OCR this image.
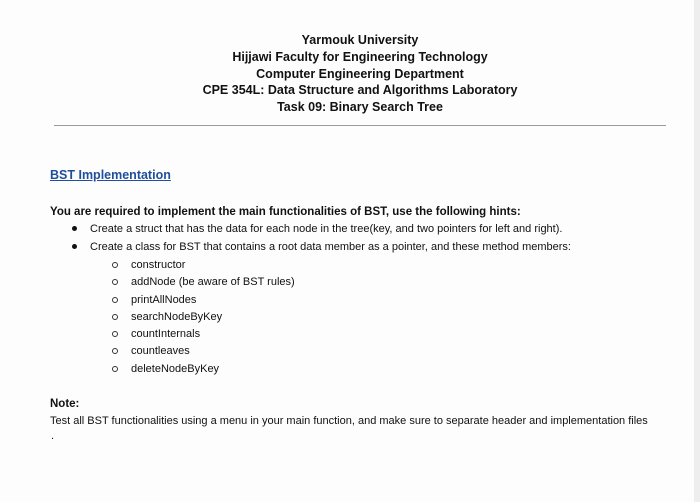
Yarmouk University
Hijjawi Faculty for Engineering Technology
Computer Engineering Department
CPE 354L: Data Structure and Algorithms Laboratory
Task 09: Binary Search Tree
BST Implementation
You are required to implement the main functionalities of BST, use the following hints:
Create a struct that has the data for each node in the tree(key, and two pointers for left and right).
Create a class for BST that contains a root data member as a pointer, and these method members:
constructor
addNode (be aware of BST rules)
printAllNodes
searchNodeByKey
countInternals
countleaves
deleteNodeByKey
Note:
Test all BST functionalities using a menu in your main function, and make sure to separate header and implementation files
.
